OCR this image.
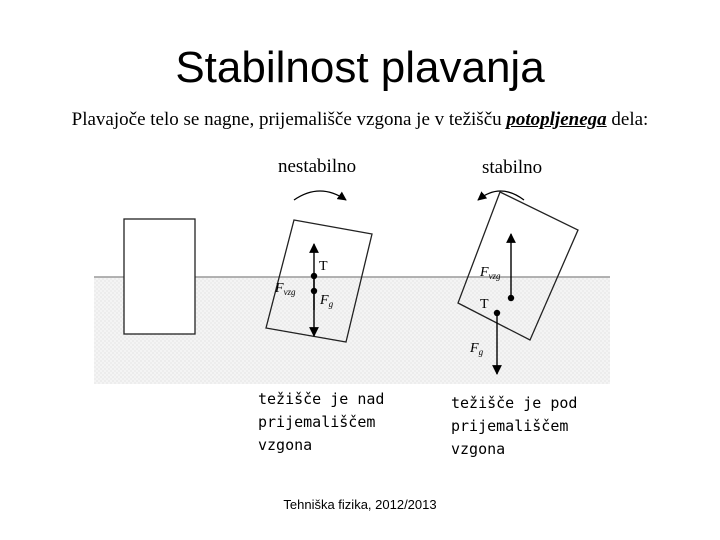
Stabilnost plavanja
Plavajoče telo se nagne, prijemališče vzgona je v težišču potopljenega dela:
nestabilno	stabilno
T
Fvzg
Fg
Fvzg
T
Fg
težišče je nad
prijemališčem
vzgona
težišče je pod
prijemališčem
vzgona
Tehniška fizika, 2012/2013
